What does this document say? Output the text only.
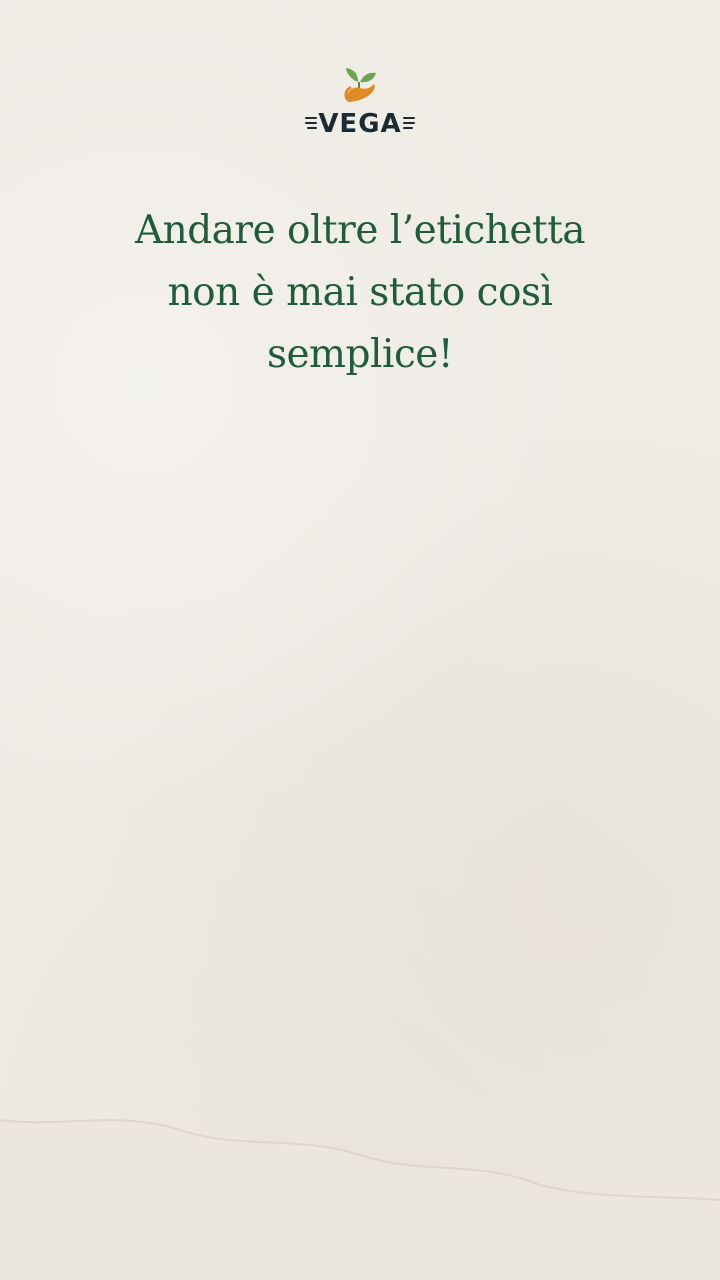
VEGA
Andare oltre l’etichetta non è mai stato così semplice!
